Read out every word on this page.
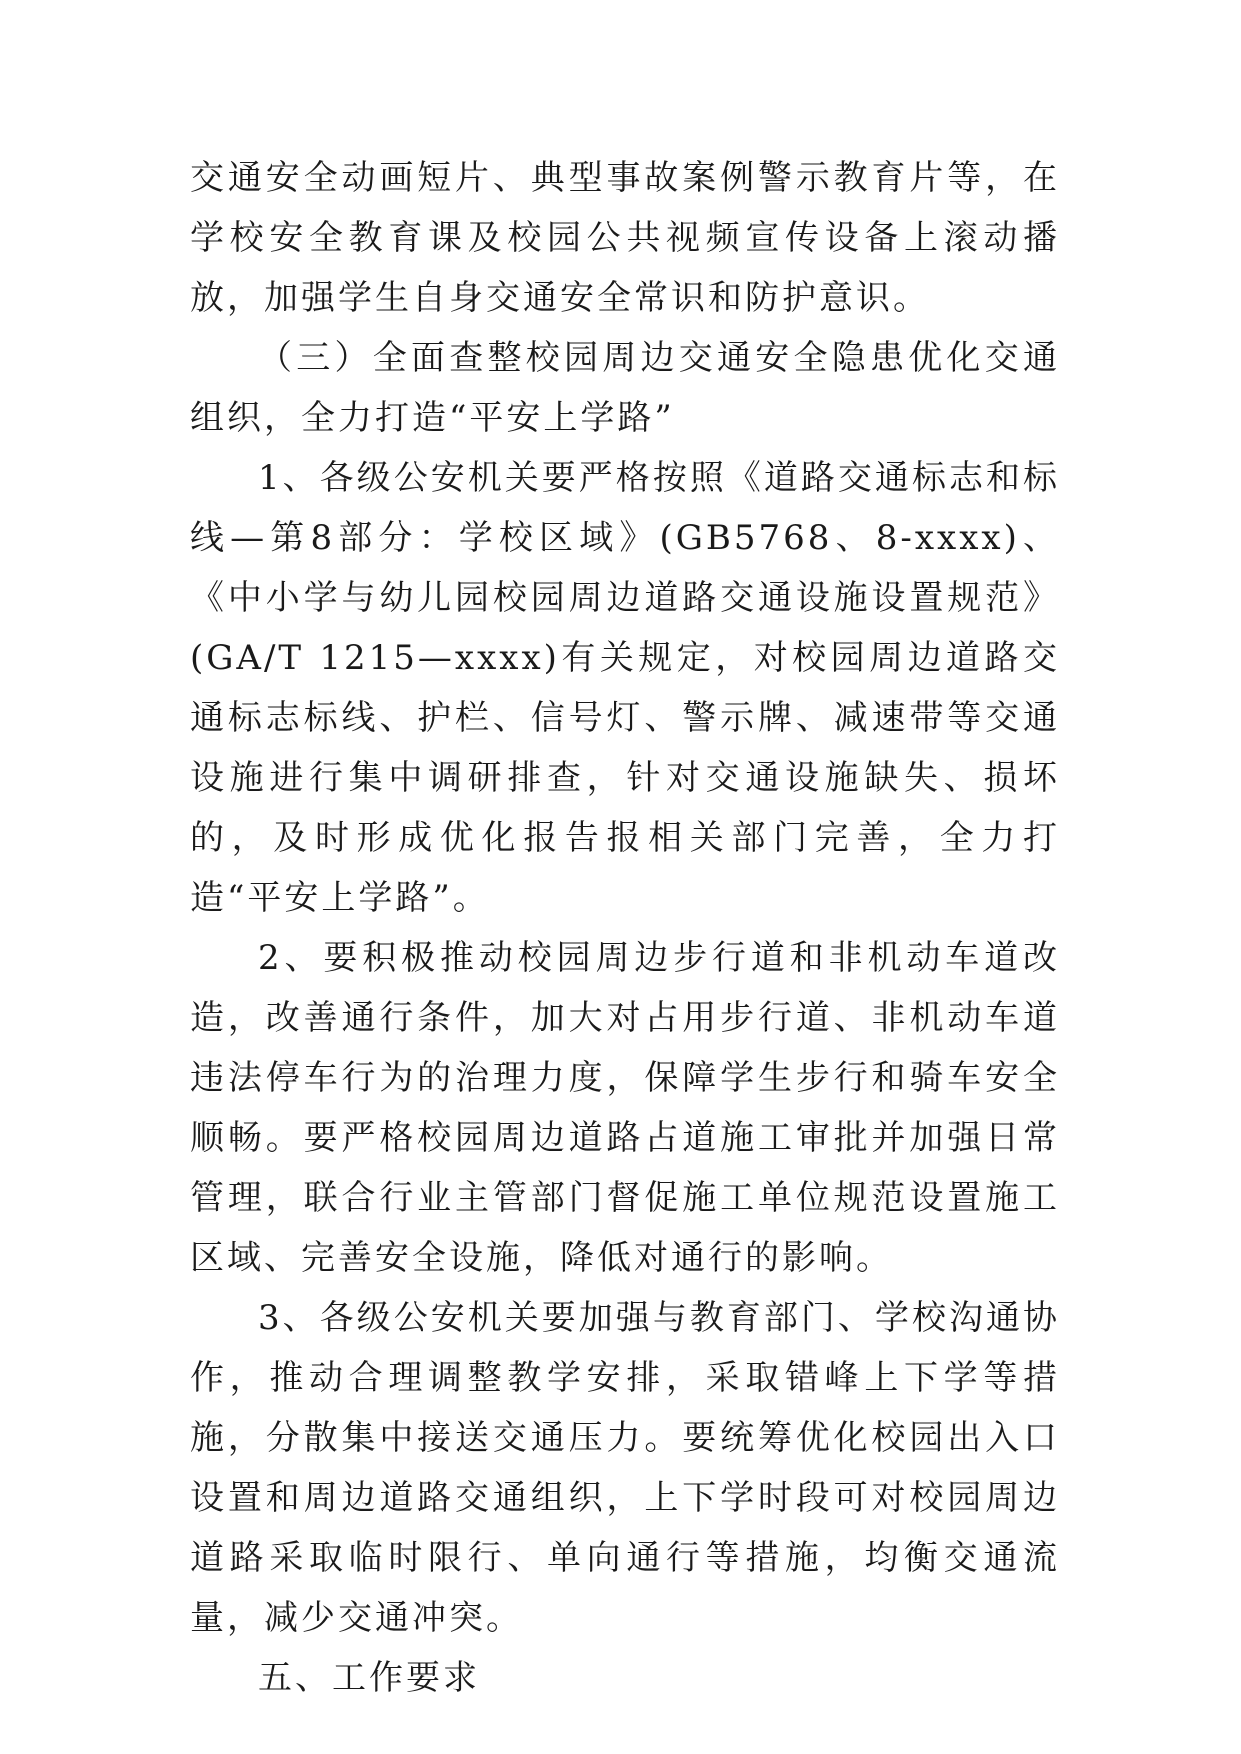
交通安全动画短片、典型事故案例警示教育片等，在学校安全教育课及校园公共视频宣传设备上滚动播放，加强学生自身交通安全常识和防护意识。

（三）全面查整校园周边交通安全隐患优化交通组织，全力打造“平安上学路”

1、各级公安机关要严格按照《道路交通标志和标线—第8部分：学校区域》(GB5768、8-xxxx)、《中小学与幼儿园校园周边道路交通设施设置规范》(GA/T 1215—xxxx)有关规定，对校园周边道路交通标志标线、护栏、信号灯、警示牌、减速带等交通设施进行集中调研排查，针对交通设施缺失、损坏的，及时形成优化报告报相关部门完善，全力打造“平安上学路”。

2、要积极推动校园周边步行道和非机动车道改造，改善通行条件，加大对占用步行道、非机动车道违法停车行为的治理力度，保障学生步行和骑车安全顺畅。要严格校园周边道路占道施工审批并加强日常管理，联合行业主管部门督促施工单位规范设置施工区域、完善安全设施，降低对通行的影响。

3、各级公安机关要加强与教育部门、学校沟通协作，推动合理调整教学安排，采取错峰上下学等措施，分散集中接送交通压力。要统筹优化校园出入口设置和周边道路交通组织，上下学时段可对校园周边道路采取临时限行、单向通行等措施，均衡交通流量，减少交通冲突。

五、工作要求
